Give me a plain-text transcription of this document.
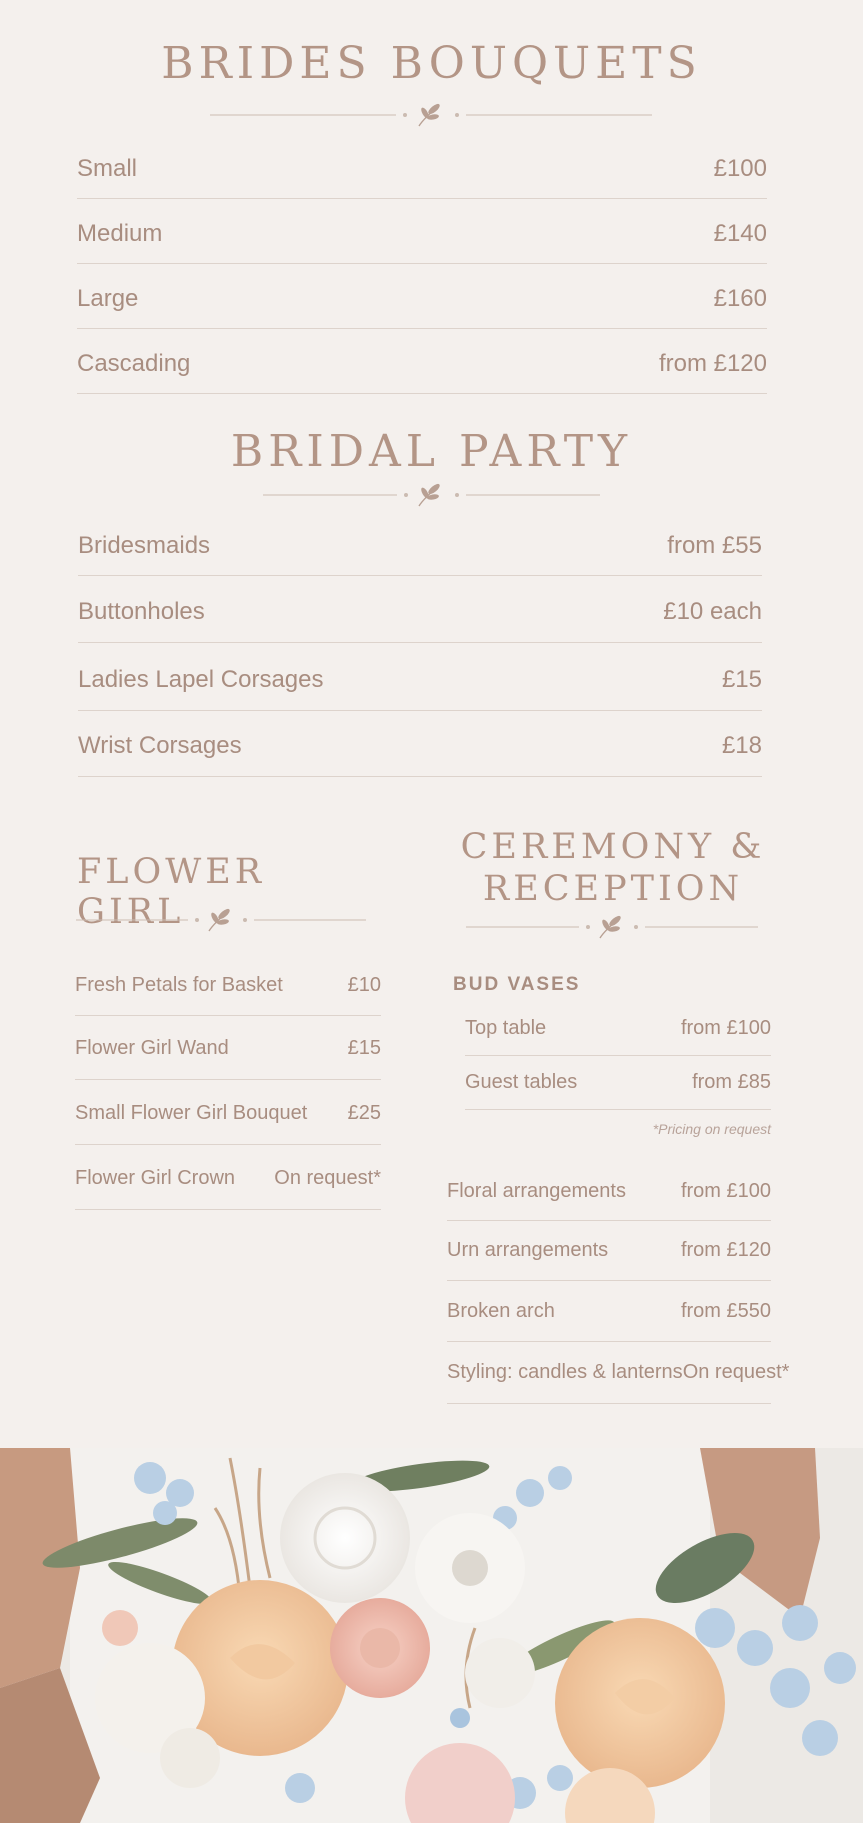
BRIDES BOUQUETS
Small	£100
Medium	£140
Large	£160
Cascading	from £120
BRIDAL PARTY
Bridesmaids	from £55
Buttonholes	£10 each
Ladies Lapel Corsages	£15
Wrist Corsages	£18
FLOWER GIRL
Fresh Petals for Basket	£10
Flower Girl Wand	£15
Small Flower Girl Bouquet £25
Flower Girl Crown On request*
CEREMONY &
RECEPTION
BUD VASES
Top table	from £100
Guest tables	from £85
*Pricing on request
Floral arrangements	from £100
Urn arrangements	from £120
Broken arch	from £550
Styling: candles & lanterns On request*
